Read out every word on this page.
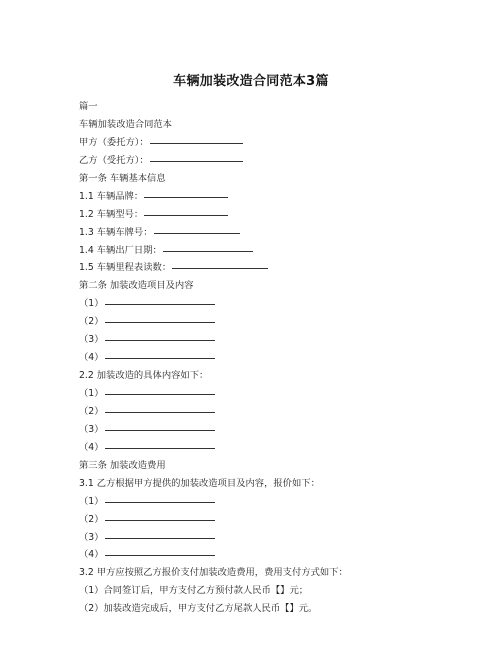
车辆加装改造合同范本3篇
篇一
车辆加装改造合同范本
甲方（委托方）：
乙方（受托方）：
第一条 车辆基本信息
1.1 车辆品牌：
1.2 车辆型号：
1.3 车辆车牌号：
1.4 车辆出厂日期：
1.5 车辆里程表读数：
第二条 加装改造项目及内容
（1）
（2）
（3）
（4）
2.2 加装改造的具体内容如下：
（1）
（2）
（3）
（4）
第三条 加装改造费用
3.1 乙方根据甲方提供的加装改造项目及内容，报价如下：
（1）
（2）
（3）
（4）
3.2 甲方应按照乙方报价支付加装改造费用，费用支付方式如下：
（1）合同签订后，甲方支付乙方预付款人民币【】元；
（2）加装改造完成后，甲方支付乙方尾款人民币【】元。
